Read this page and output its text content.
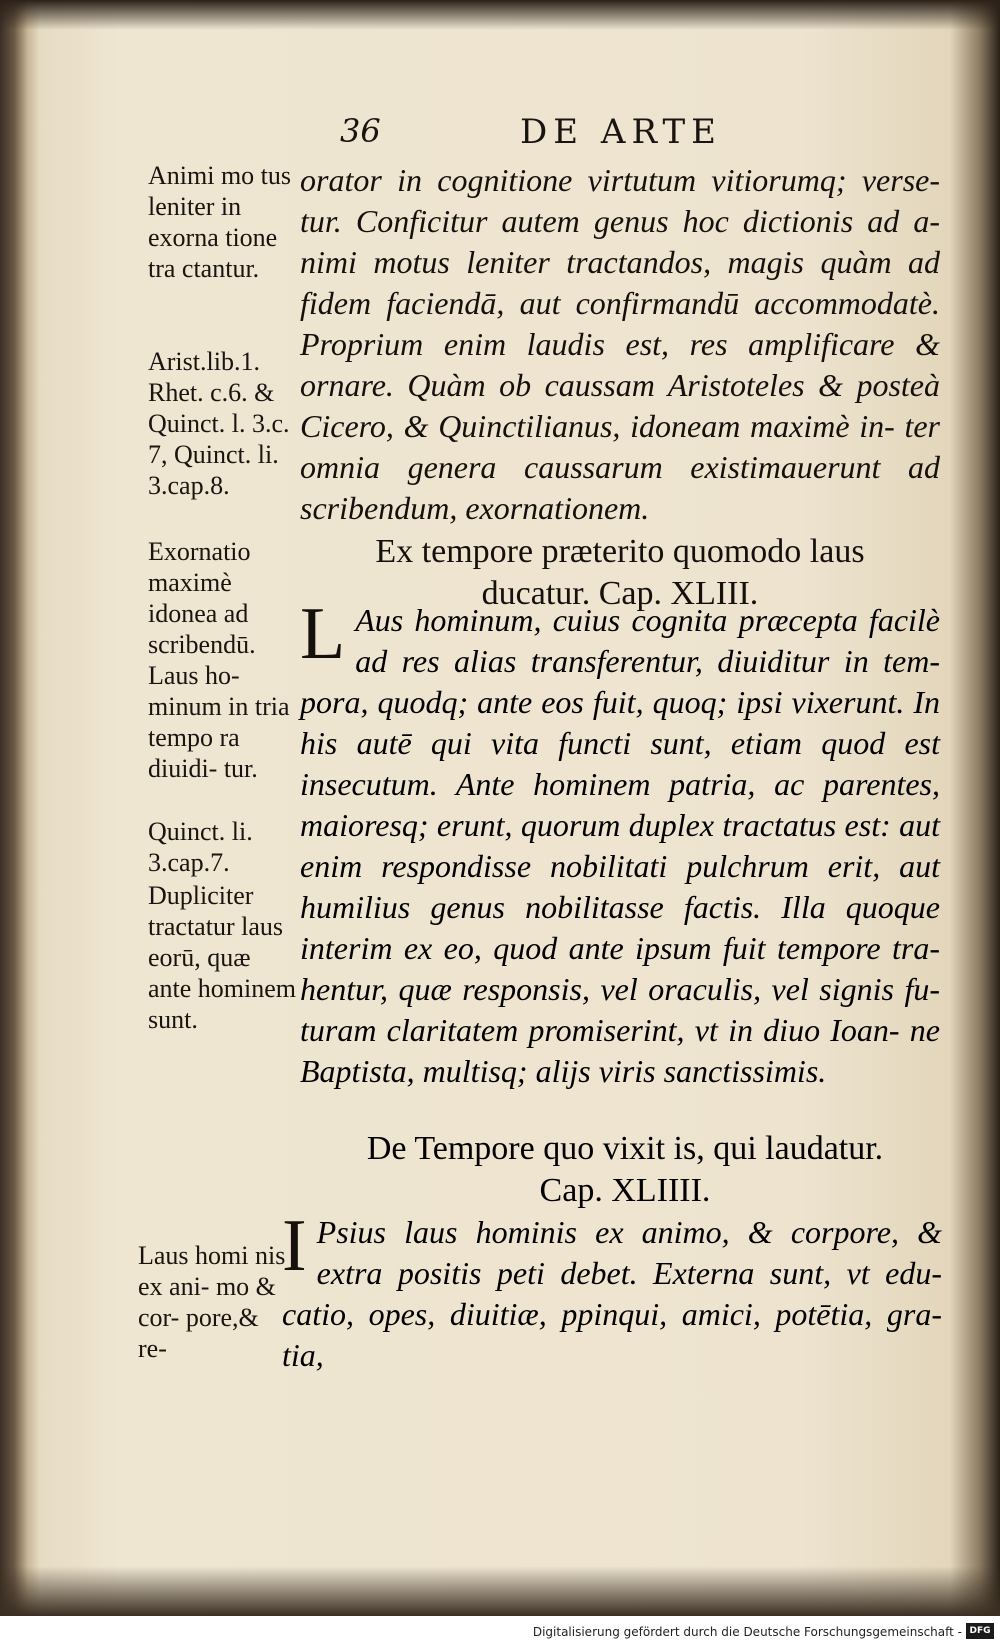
36	DE ARTE
Animi mo tus leniter in exorna tione tra ctantur.
Arist.lib.1. Rhet. c.6. & Quinct. l. 3.c. 7, Quinct. li. 3.cap.8.
Exornatio maximè idonea ad scribendū.
Laus ho- minum in tria tempo ra diuidi- tur.
Quinct. li. 3.cap.7.
Dupliciter tractatur laus eorū, quæ ante hominem sunt.
Laus homi nis ex ani- mo & cor- pore,& re-

orator in cognitione virtutum vitiorumq; verse- tur. Conficitur autem genus hoc dictionis ad a- nimi motus leniter tractandos, magis quàm ad fidem faciendā, aut confirmandū accommodatè. Proprium enim laudis est, res amplificare & ornare. Quàm ob caussam Aristoteles & posteà Cicero, & Quinctilianus, idoneam maximè in- ter omnia genera caussarum existimauerunt ad scribendum, exornationem.

Ex tempore præterito quomodo laus

ducatur. Cap. XLIII.

L Aus hominum, cuius cognita præcepta facilè ad res alias transferentur, diuiditur in tem- pora, quodq; ante eos fuit, quoq; ipsi vixerunt. In his autē qui vita functi sunt, etiam quod est insecutum. Ante hominem patria, ac parentes, maioresq; erunt, quorum duplex tractatus est: aut enim respondisse nobilitati pulchrum erit, aut humilius genus nobilitasse factis. Illa quoque interim ex eo, quod ante ipsum fuit tempore tra- hentur, quæ responsis, vel oraculis, vel signis fu- turam claritatem promiserint, vt in diuo Ioan- ne Baptista, multisq; alijs viris sanctissimis.

De Tempore quo vixit is, qui laudatur.

Cap. XLIIII.

I Psius laus hominis ex animo, & corpore, & extra positis peti debet. Externa sunt, vt edu- catio, opes, diuitiæ, ppinqui, amici, potētia, gra- tia,

Digitalisierung gefördert durch die Deutsche Forschungsgemeinschaft - DFG
